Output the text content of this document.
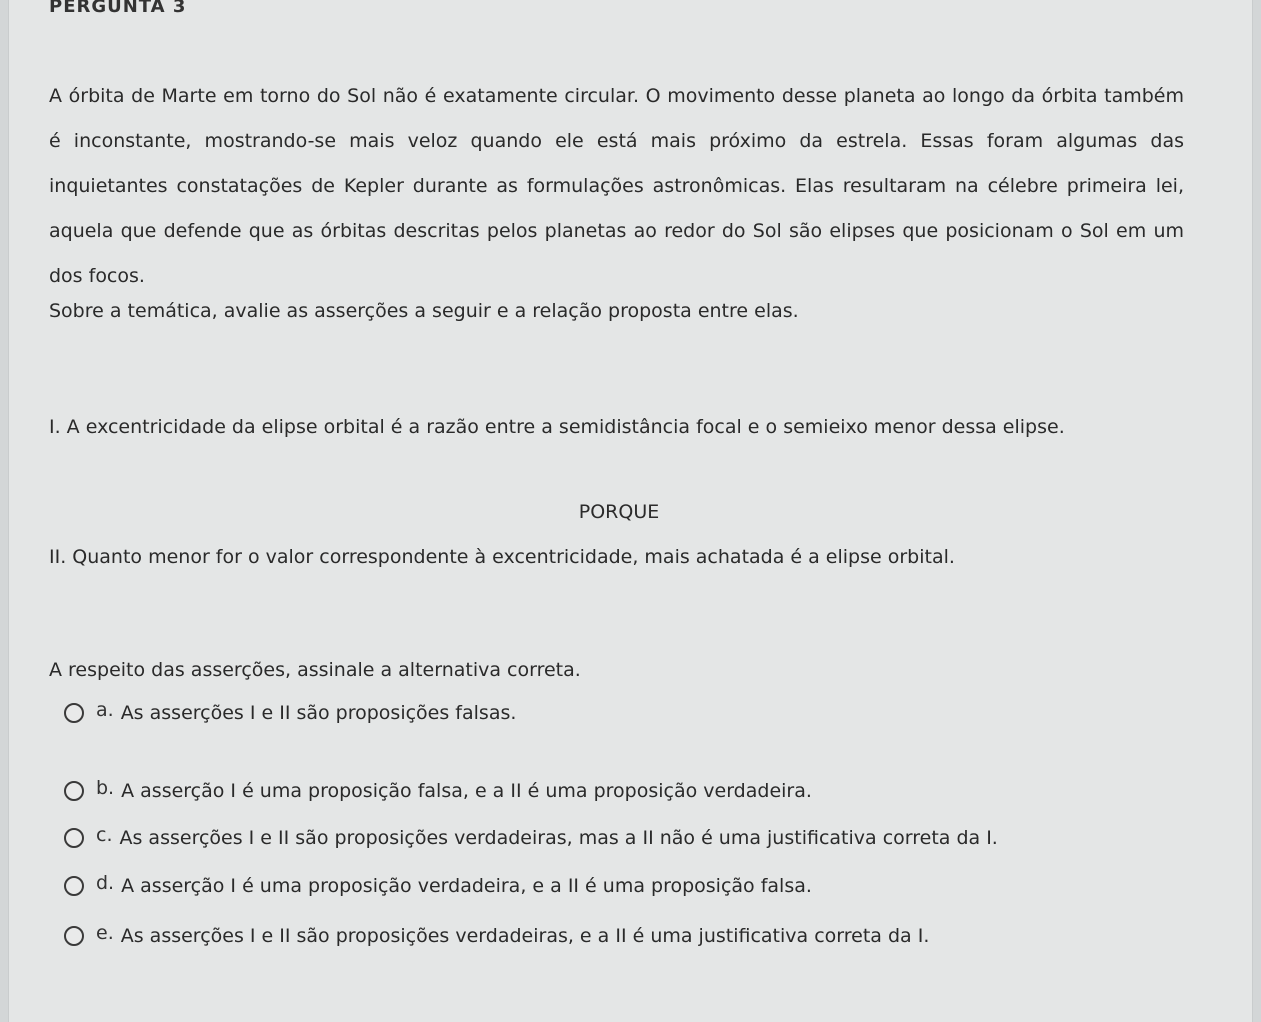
PERGUNTA 3
A órbita de Marte em torno do Sol não é exatamente circular. O movimento desse planeta ao longo da órbita também é inconstante, mostrando-se mais veloz quando ele está mais próximo da estrela. Essas foram algumas das inquietantes constatações de Kepler durante as formulações astronômicas. Elas resultaram na célebre primeira lei, aquela que defende que as órbitas descritas pelos planetas ao redor do Sol são elipses que posicionam o Sol em um dos focos.
Sobre a temática, avalie as asserções a seguir e a relação proposta entre elas.
I. A excentricidade da elipse orbital é a razão entre a semidistância focal e o semieixo menor dessa elipse.
PORQUE
II. Quanto menor for o valor correspondente à excentricidade, mais achatada é a elipse orbital.
A respeito das asserções, assinale a alternativa correta.
a. As asserções I e II são proposições falsas.
b. A asserção I é uma proposição falsa, e a II é uma proposição verdadeira.
c. As asserções I e II são proposições verdadeiras, mas a II não é uma justificativa correta da I.
d. A asserção I é uma proposição verdadeira, e a II é uma proposição falsa.
e. As asserções I e II são proposições verdadeiras, e a II é uma justificativa correta da I.
